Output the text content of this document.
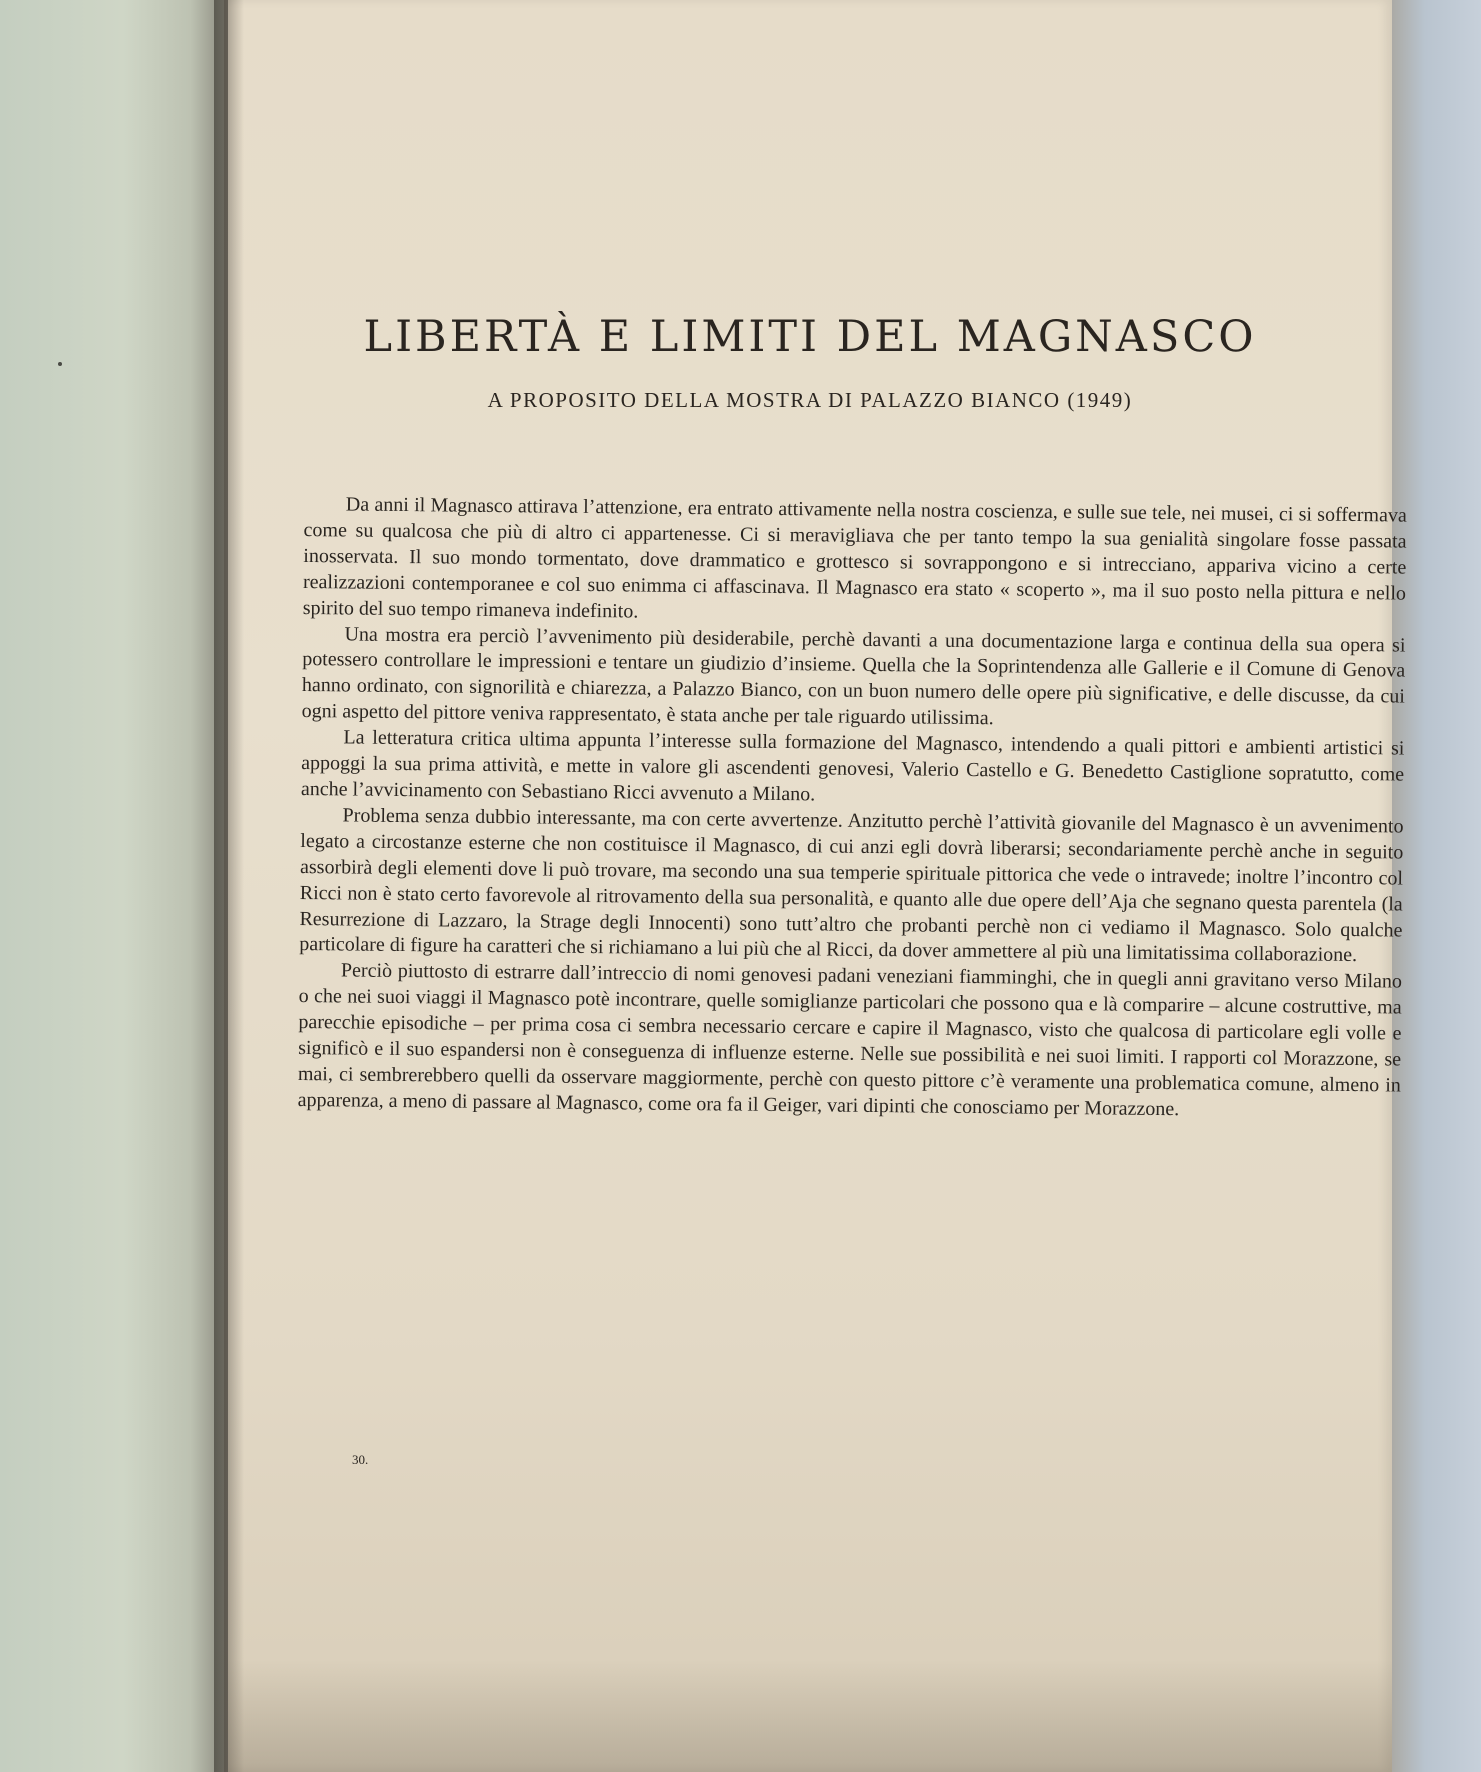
LIBERTÀ E LIMITI DEL MAGNASCO
A PROPOSITO DELLA MOSTRA DI PALAZZO BIANCO (1949)

Da anni il Magnasco attirava l’attenzione, era entrato attivamente nella nostra coscienza, e sulle sue tele, nei musei, ci si soffermava come su qualcosa che più di altro ci appartenesse. Ci si meravigliava che per tanto tempo la sua genialità singolare fosse passata inosservata. Il suo mondo tormentato, dove drammatico e grottesco si sovrappongono e si intrecciano, appariva vicino a certe realizzazioni contemporanee e col suo enimma ci affascinava. Il Magnasco era stato « scoperto », ma il suo posto nella pittura e nello spirito del suo tempo rimaneva indefinito.

Una mostra era perciò l’avvenimento più desiderabile, perchè davanti a una documentazione larga e continua della sua opera si potessero controllare le impressioni e tentare un giudizio d’insieme. Quella che la Soprintendenza alle Gallerie e il Comune di Genova hanno ordinato, con signorilità e chiarezza, a Palazzo Bianco, con un buon numero delle opere più significative, e delle discusse, da cui ogni aspetto del pittore veniva rappresentato, è stata anche per tale riguardo utilissima.

La letteratura critica ultima appunta l’interesse sulla formazione del Magnasco, intendendo a quali pittori e ambienti artistici si appoggi la sua prima attività, e mette in valore gli ascendenti genovesi, Valerio Castello e G. Benedetto Castiglione sopratutto, come anche l’avvicinamento con Sebastiano Ricci avvenuto a Milano.

Problema senza dubbio interessante, ma con certe avvertenze. Anzitutto perchè l’attività giovanile del Magnasco è un avvenimento legato a circostanze esterne che non costituisce il Magnasco, di cui anzi egli dovrà liberarsi; secondariamente perchè anche in seguito assorbirà degli elementi dove li può trovare, ma secondo una sua temperie spirituale pittorica che vede o intravede; inoltre l’incontro col Ricci non è stato certo favorevole al ritrovamento della sua personalità, e quanto alle due opere dell’Aja che segnano questa parentela (la Resurrezione di Lazzaro, la Strage degli Innocenti) sono tutt’altro che probanti perchè non ci vediamo il Magnasco. Solo qualche particolare di figure ha caratteri che si richiamano a lui più che al Ricci, da dover ammettere al più una limitatissima collaborazione.

Perciò piuttosto di estrarre dall’intreccio di nomi genovesi padani veneziani fiamminghi, che in quegli anni gravitano verso Milano o che nei suoi viaggi il Magnasco potè incontrare, quelle somiglianze particolari che possono qua e là comparire – alcune costruttive, ma parecchie episodiche – per prima cosa ci sembra necessario cercare e capire il Magnasco, visto che qualcosa di particolare egli volle e significò e il suo espandersi non è conseguenza di influenze esterne. Nelle sue possibilità e nei suoi limiti. I rapporti col Morazzone, se mai, ci sembrerebbero quelli da osservare maggiormente, perchè con questo pittore c’è veramente una problematica comune, almeno in apparenza, a meno di passare al Magnasco, come ora fa il Geiger, vari dipinti che conosciamo per Morazzone.

30.
